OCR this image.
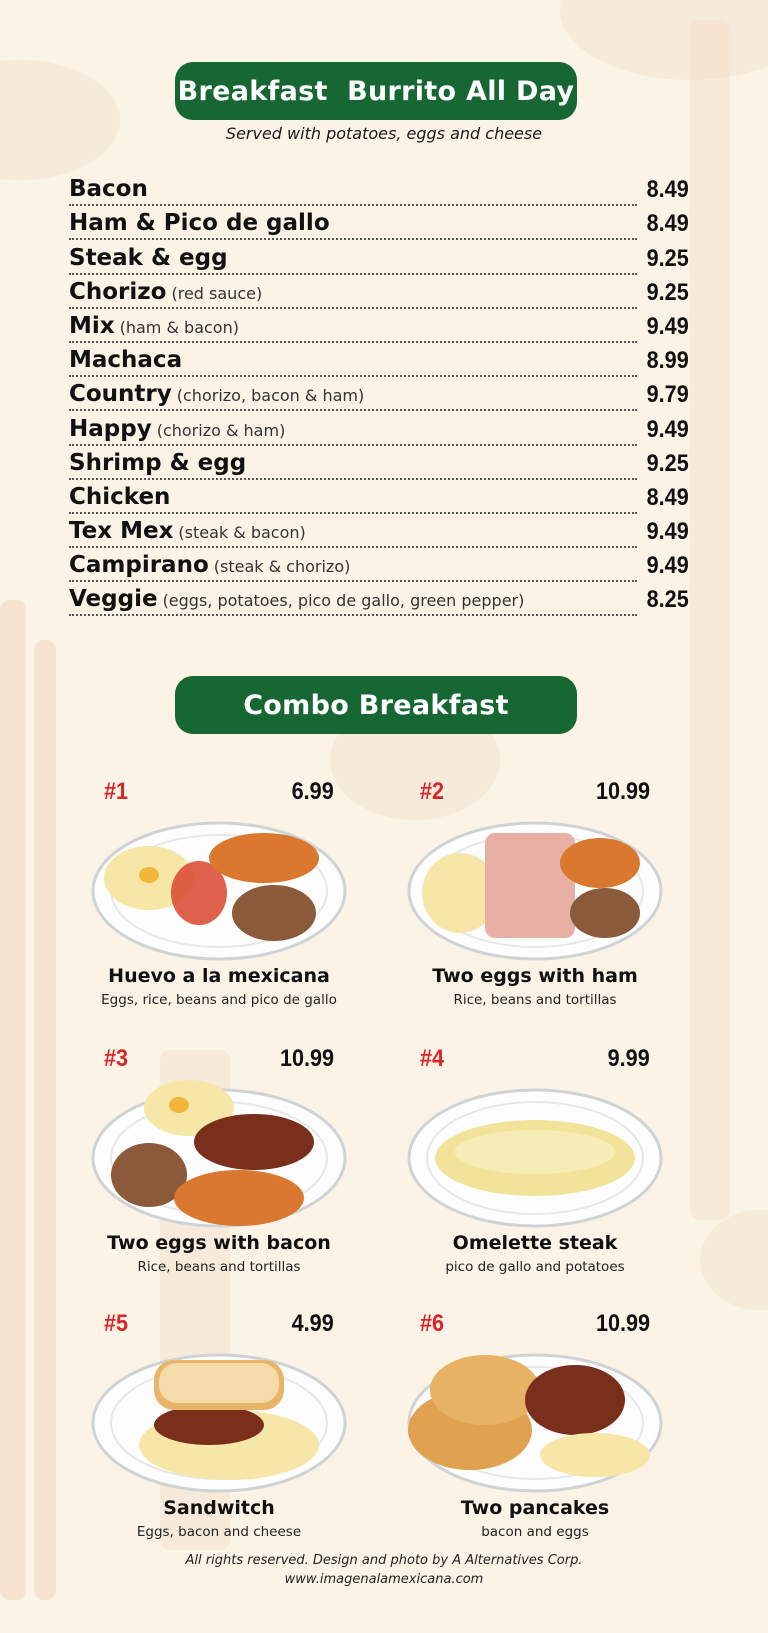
Breakfast  Burrito All Day
Served with potatoes, eggs and cheese
Bacon	8.49
Ham & Pico de gallo	8.49
Steak & egg	9.25
Chorizo (red sauce)	9.25
Mix (ham & bacon)	9.49
Machaca	8.99
Country (chorizo, bacon & ham)	9.79
Happy (chorizo & ham)	9.49
Shrimp & egg	9.25
Chicken	8.49
Tex Mex (steak & bacon)	9.49
Campirano (steak & chorizo)	9.49
Veggie (eggs, potatoes, pico de gallo, green pepper)	8.25
Combo Breakfast
#1	6.99
Huevo a la mexicana
Eggs, rice, beans and pico de gallo
#2	10.99
Two eggs with ham
Rice, beans and tortillas
#3	10.99
Two eggs with bacon
Rice, beans and tortillas
#4	9.99
Omelette steak
pico de gallo and potatoes
#5	4.99
Sandwitch
Eggs, bacon and cheese
#6	10.99
Two pancakes
bacon and eggs
All rights reserved. Design and photo by A Alternatives Corp.
www.imagenalamexicana.com
